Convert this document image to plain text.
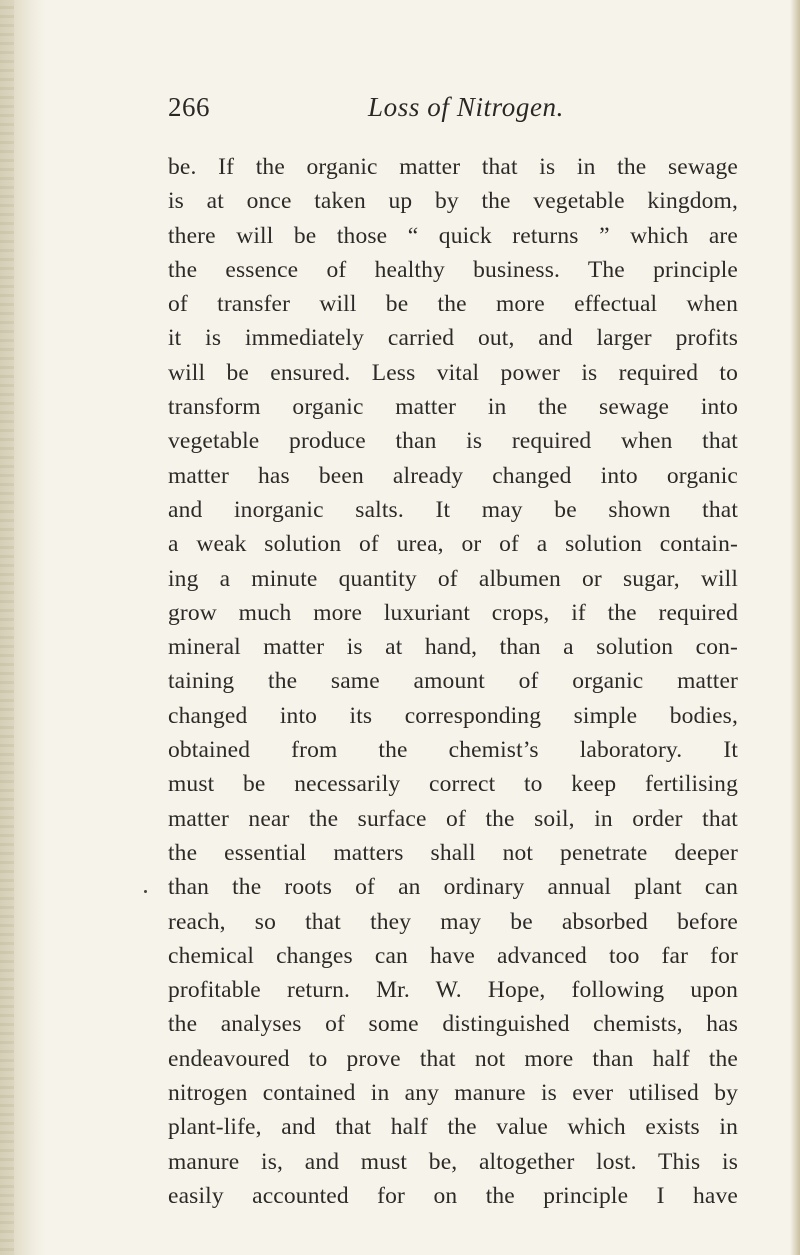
266	Loss of Nitrogen.
be. If the organic matter that is in the sewage
is at once taken up by the vegetable kingdom,
there will be those “ quick returns ” which are
the essence of healthy business. The principle
of transfer will be the more effectual when
it is immediately carried out, and larger profits
will be ensured. Less vital power is required to
transform organic matter in the sewage into
vegetable produce than is required when that
matter has been already changed into organic
and inorganic salts. It may be shown that
a weak solution of urea, or of a solution contain-
ing a minute quantity of albumen or sugar, will
grow much more luxuriant crops, if the required
mineral matter is at hand, than a solution con-
taining the same amount of organic matter
changed into its corresponding simple bodies,
obtained from the chemist’s laboratory. It
must be necessarily correct to keep fertilising
matter near the surface of the soil, in order that
the essential matters shall not penetrate deeper
than the roots of an ordinary annual plant can
reach, so that they may be absorbed before
chemical changes can have advanced too far for
profitable return. Mr. W. Hope, following upon
the analyses of some distinguished chemists, has
endeavoured to prove that not more than half the
nitrogen contained in any manure is ever utilised by
plant-life, and that half the value which exists in
manure is, and must be, altogether lost. This is
easily accounted for on the principle I have
